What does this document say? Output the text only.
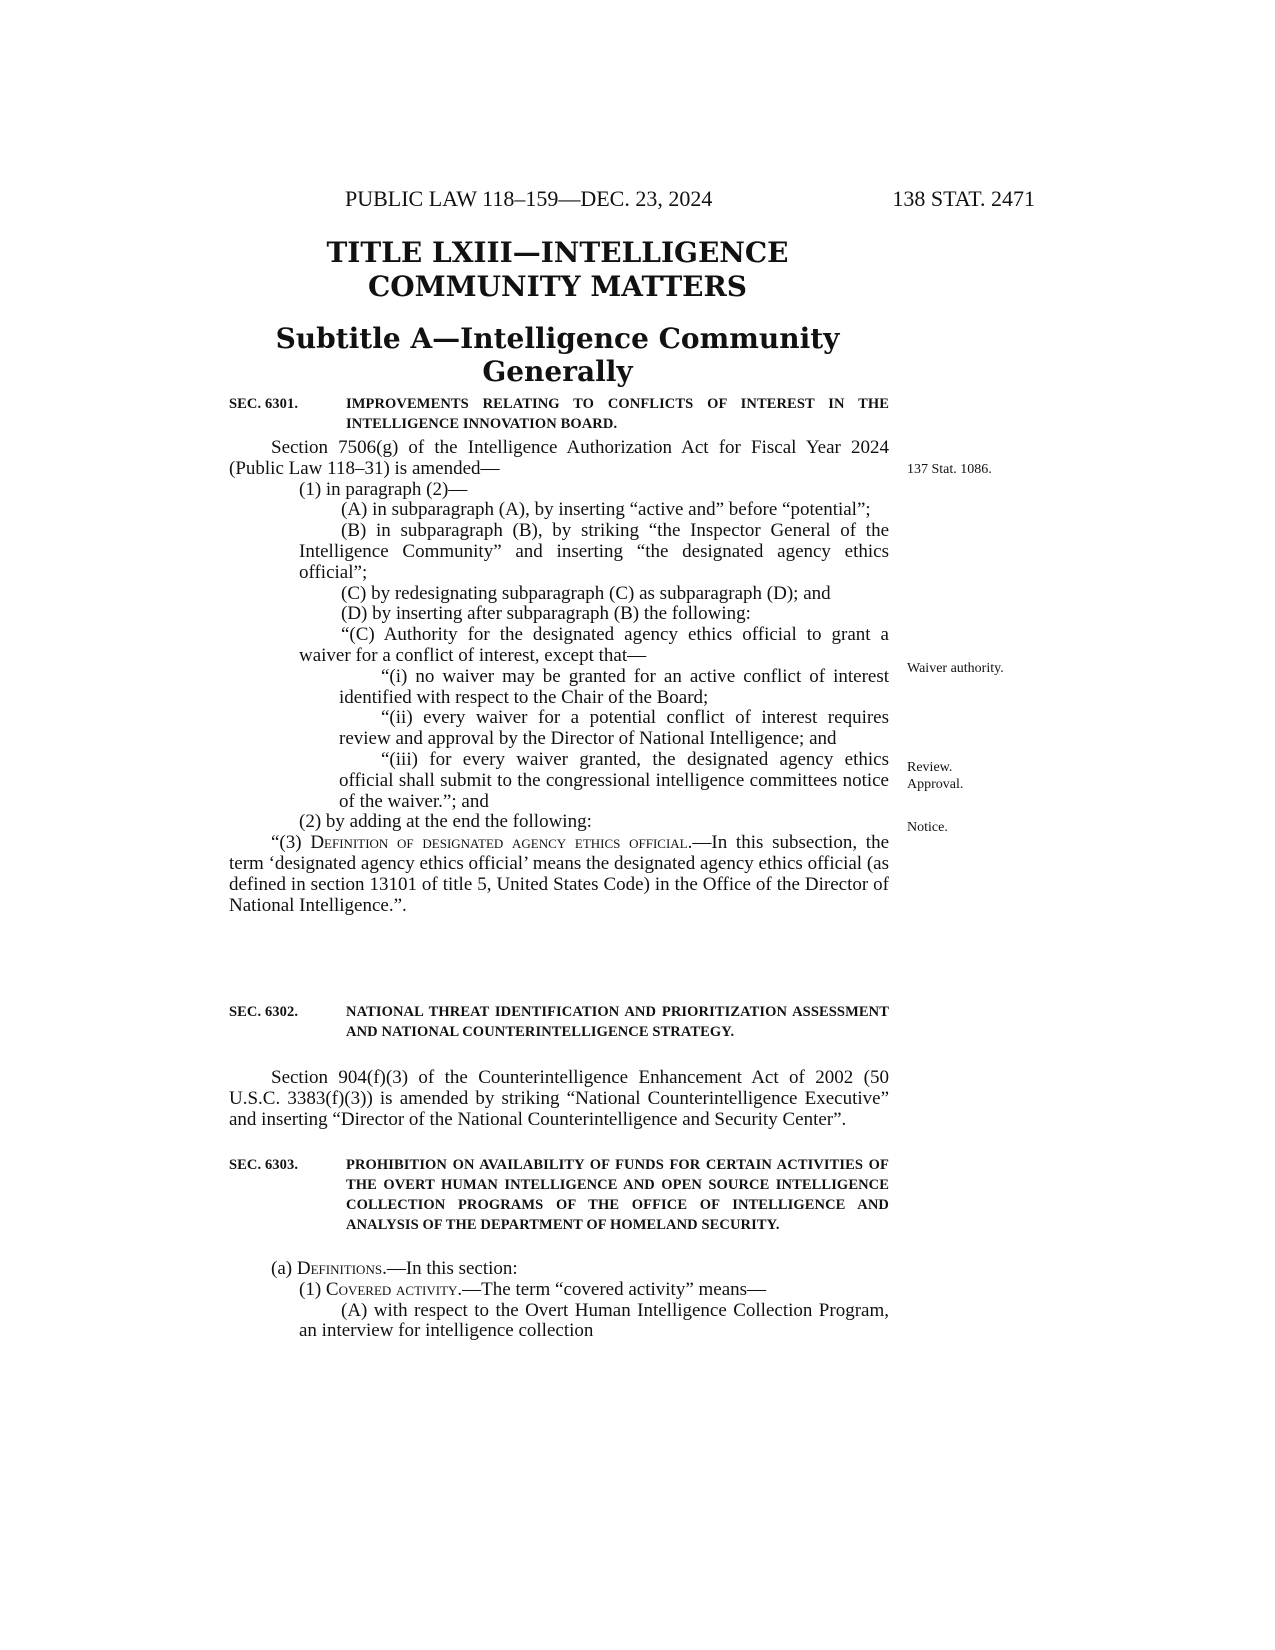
PUBLIC LAW 118–159—DEC. 23, 2024	138 STAT. 2471
TITLE LXIII—INTELLIGENCE
COMMUNITY MATTERS
Subtitle A—Intelligence Community
Generally
SEC. 6301.	IMPROVEMENTS RELATING TO CONFLICTS OF INTEREST IN THE INTELLIGENCE INNOVATION BOARD.

Section 7506(g) of the Intelligence Authorization Act for Fiscal Year 2024 (Public Law 118–31) is amended—

(1) in paragraph (2)—

(A) in subparagraph (A), by inserting “active and” before “potential”;

(B) in subparagraph (B), by striking “the Inspector General of the Intelligence Community” and inserting “the designated agency ethics official”;

(C) by redesignating subparagraph (C) as subparagraph (D); and

(D) by inserting after subparagraph (B) the following:

“(C) Authority for the designated agency ethics official to grant a waiver for a conflict of interest, except that—

“(i) no waiver may be granted for an active conflict of interest identified with respect to the Chair of the Board;

“(ii) every waiver for a potential conflict of interest requires review and approval by the Director of National Intelligence; and

“(iii) for every waiver granted, the designated agency ethics official shall submit to the congressional intelligence committees notice of the waiver.”; and

(2) by adding at the end the following:

“(3) Definition of designated agency ethics official.—In this subsection, the term ‘designated agency ethics official’ means the designated agency ethics official (as defined in section 13101 of title 5, United States Code) in the Office of the Director of National Intelligence.”.

SEC. 6302.	NATIONAL THREAT IDENTIFICATION AND PRIORITIZATION ASSESSMENT AND NATIONAL COUNTERINTELLIGENCE STRATEGY.

Section 904(f)(3) of the Counterintelligence Enhancement Act of 2002 (50 U.S.C. 3383(f)(3)) is amended by striking “National Counterintelligence Executive” and inserting “Director of the National Counterintelligence and Security Center”.

SEC. 6303.	PROHIBITION ON AVAILABILITY OF FUNDS FOR CERTAIN ACTIVITIES OF THE OVERT HUMAN INTELLIGENCE AND OPEN SOURCE INTELLIGENCE COLLECTION PROGRAMS OF THE OFFICE OF INTELLIGENCE AND ANALYSIS OF THE DEPARTMENT OF HOMELAND SECURITY.

(a) Definitions.—In this section:

(1) Covered activity.—The term “covered activity” means—

(A) with respect to the Overt Human Intelligence Collection Program, an interview for intelligence collection

137 Stat. 1086.
Waiver authority.
Review.
Approval.
Notice.
